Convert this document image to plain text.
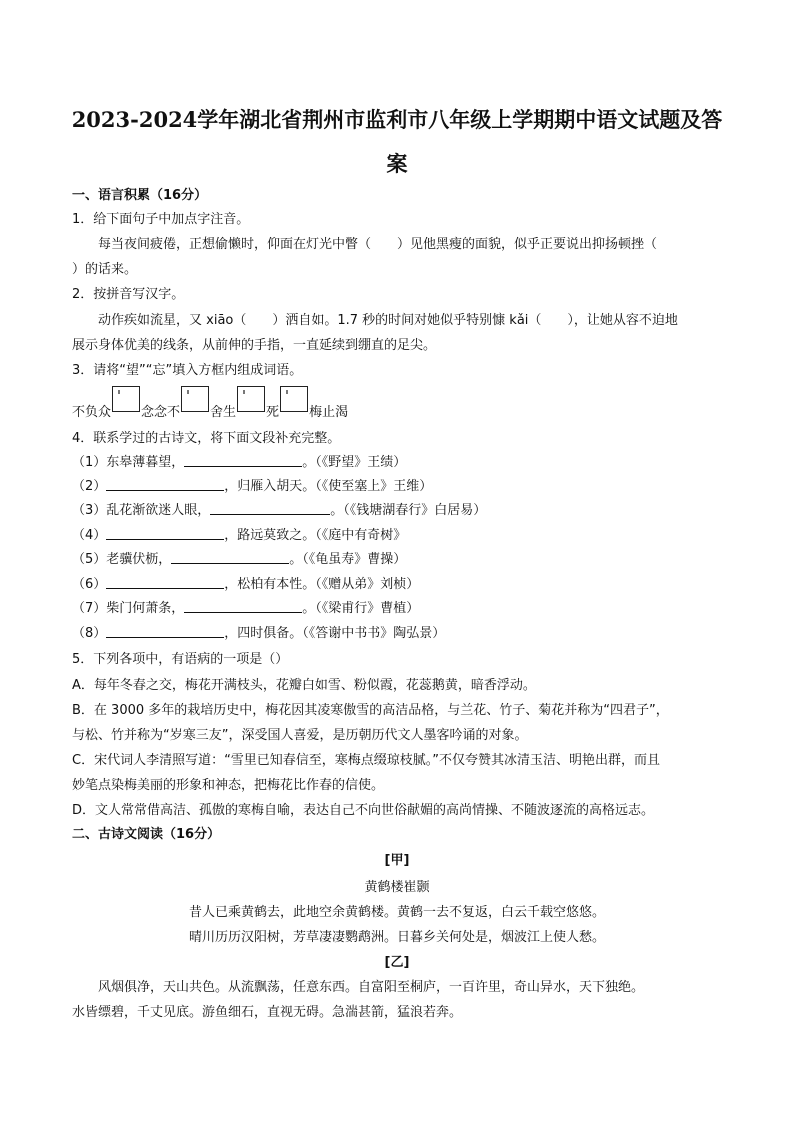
2023-2024学年湖北省荆州市监利市八年级上学期期中语文试题及答
案
一、语言积累（16分）
1．给下面句子中加点字注音。
每当夜间疲倦，正想偷懒时，仰面在灯光中瞥（ ）见他黑瘦的面貌，似乎正要说出抑扬顿挫（
）的话来。
2．按拼音写汉字。
动作疾如流星，又 xiāo（ ）洒自如。1.7 秒的时间对她似乎特别慷 kǎi（ ），让她从容不迫地
展示身体优美的线条，从前伸的手指，一直延续到绷直的足尖。
3．请将“望”“忘”填入方框内组成词语。
不负众 念念不 舍生 死 梅止渴
4．联系学过的古诗文，将下面文段补充完整。
（1）东皋薄暮望，	。（《野望》王绩）
（2）	，归雁入胡天。（《使至塞上》王维）
（3）乱花渐欲迷人眼，	。（《钱塘湖春行》白居易）
（4）	，路远莫致之。（《庭中有奇树》
（5）老骥伏枥，	。（《龟虽寿》曹操）
（6）	，松柏有本性。（《赠从弟》刘桢）
（7）柴门何萧条，	。（《梁甫行》曹植）
（8）	，四时俱备。（《答谢中书书》陶弘景）
5．下列各项中，有语病的一项是（）
A．每年冬春之交，梅花开满枝头，花瓣白如雪、粉似霞，花蕊鹅黄，暗香浮动。
B．在 3000 多年的栽培历史中，梅花因其凌寒傲雪的高洁品格，与兰花、竹子、菊花并称为“四君子”，
与松、竹并称为“岁寒三友”，深受国人喜爱，是历朝历代文人墨客吟诵的对象。
C．宋代词人李清照写道：“雪里已知春信至，寒梅点缀琼枝腻。”不仅夸赞其冰清玉洁、明艳出群，而且
妙笔点染梅美丽的形象和神态，把梅花比作春的信使。
D．文人常常借高洁、孤傲的寒梅自喻，表达自己不向世俗献媚的高尚情操、不随波逐流的高格远志。
二、古诗文阅读（16分）
[甲]
黄鹤楼崔颢
昔人已乘黄鹤去，此地空余黄鹤楼。黄鹤一去不复返，白云千载空悠悠。
晴川历历汉阳树，芳草凄凄鹦鹉洲。日暮乡关何处是，烟波江上使人愁。
[乙]
风烟俱净，天山共色。从流飘荡，任意东西。自富阳至桐庐，一百许里，奇山异水，天下独绝。
水皆缥碧，千丈见底。游鱼细石，直视无碍。急湍甚箭，猛浪若奔。
